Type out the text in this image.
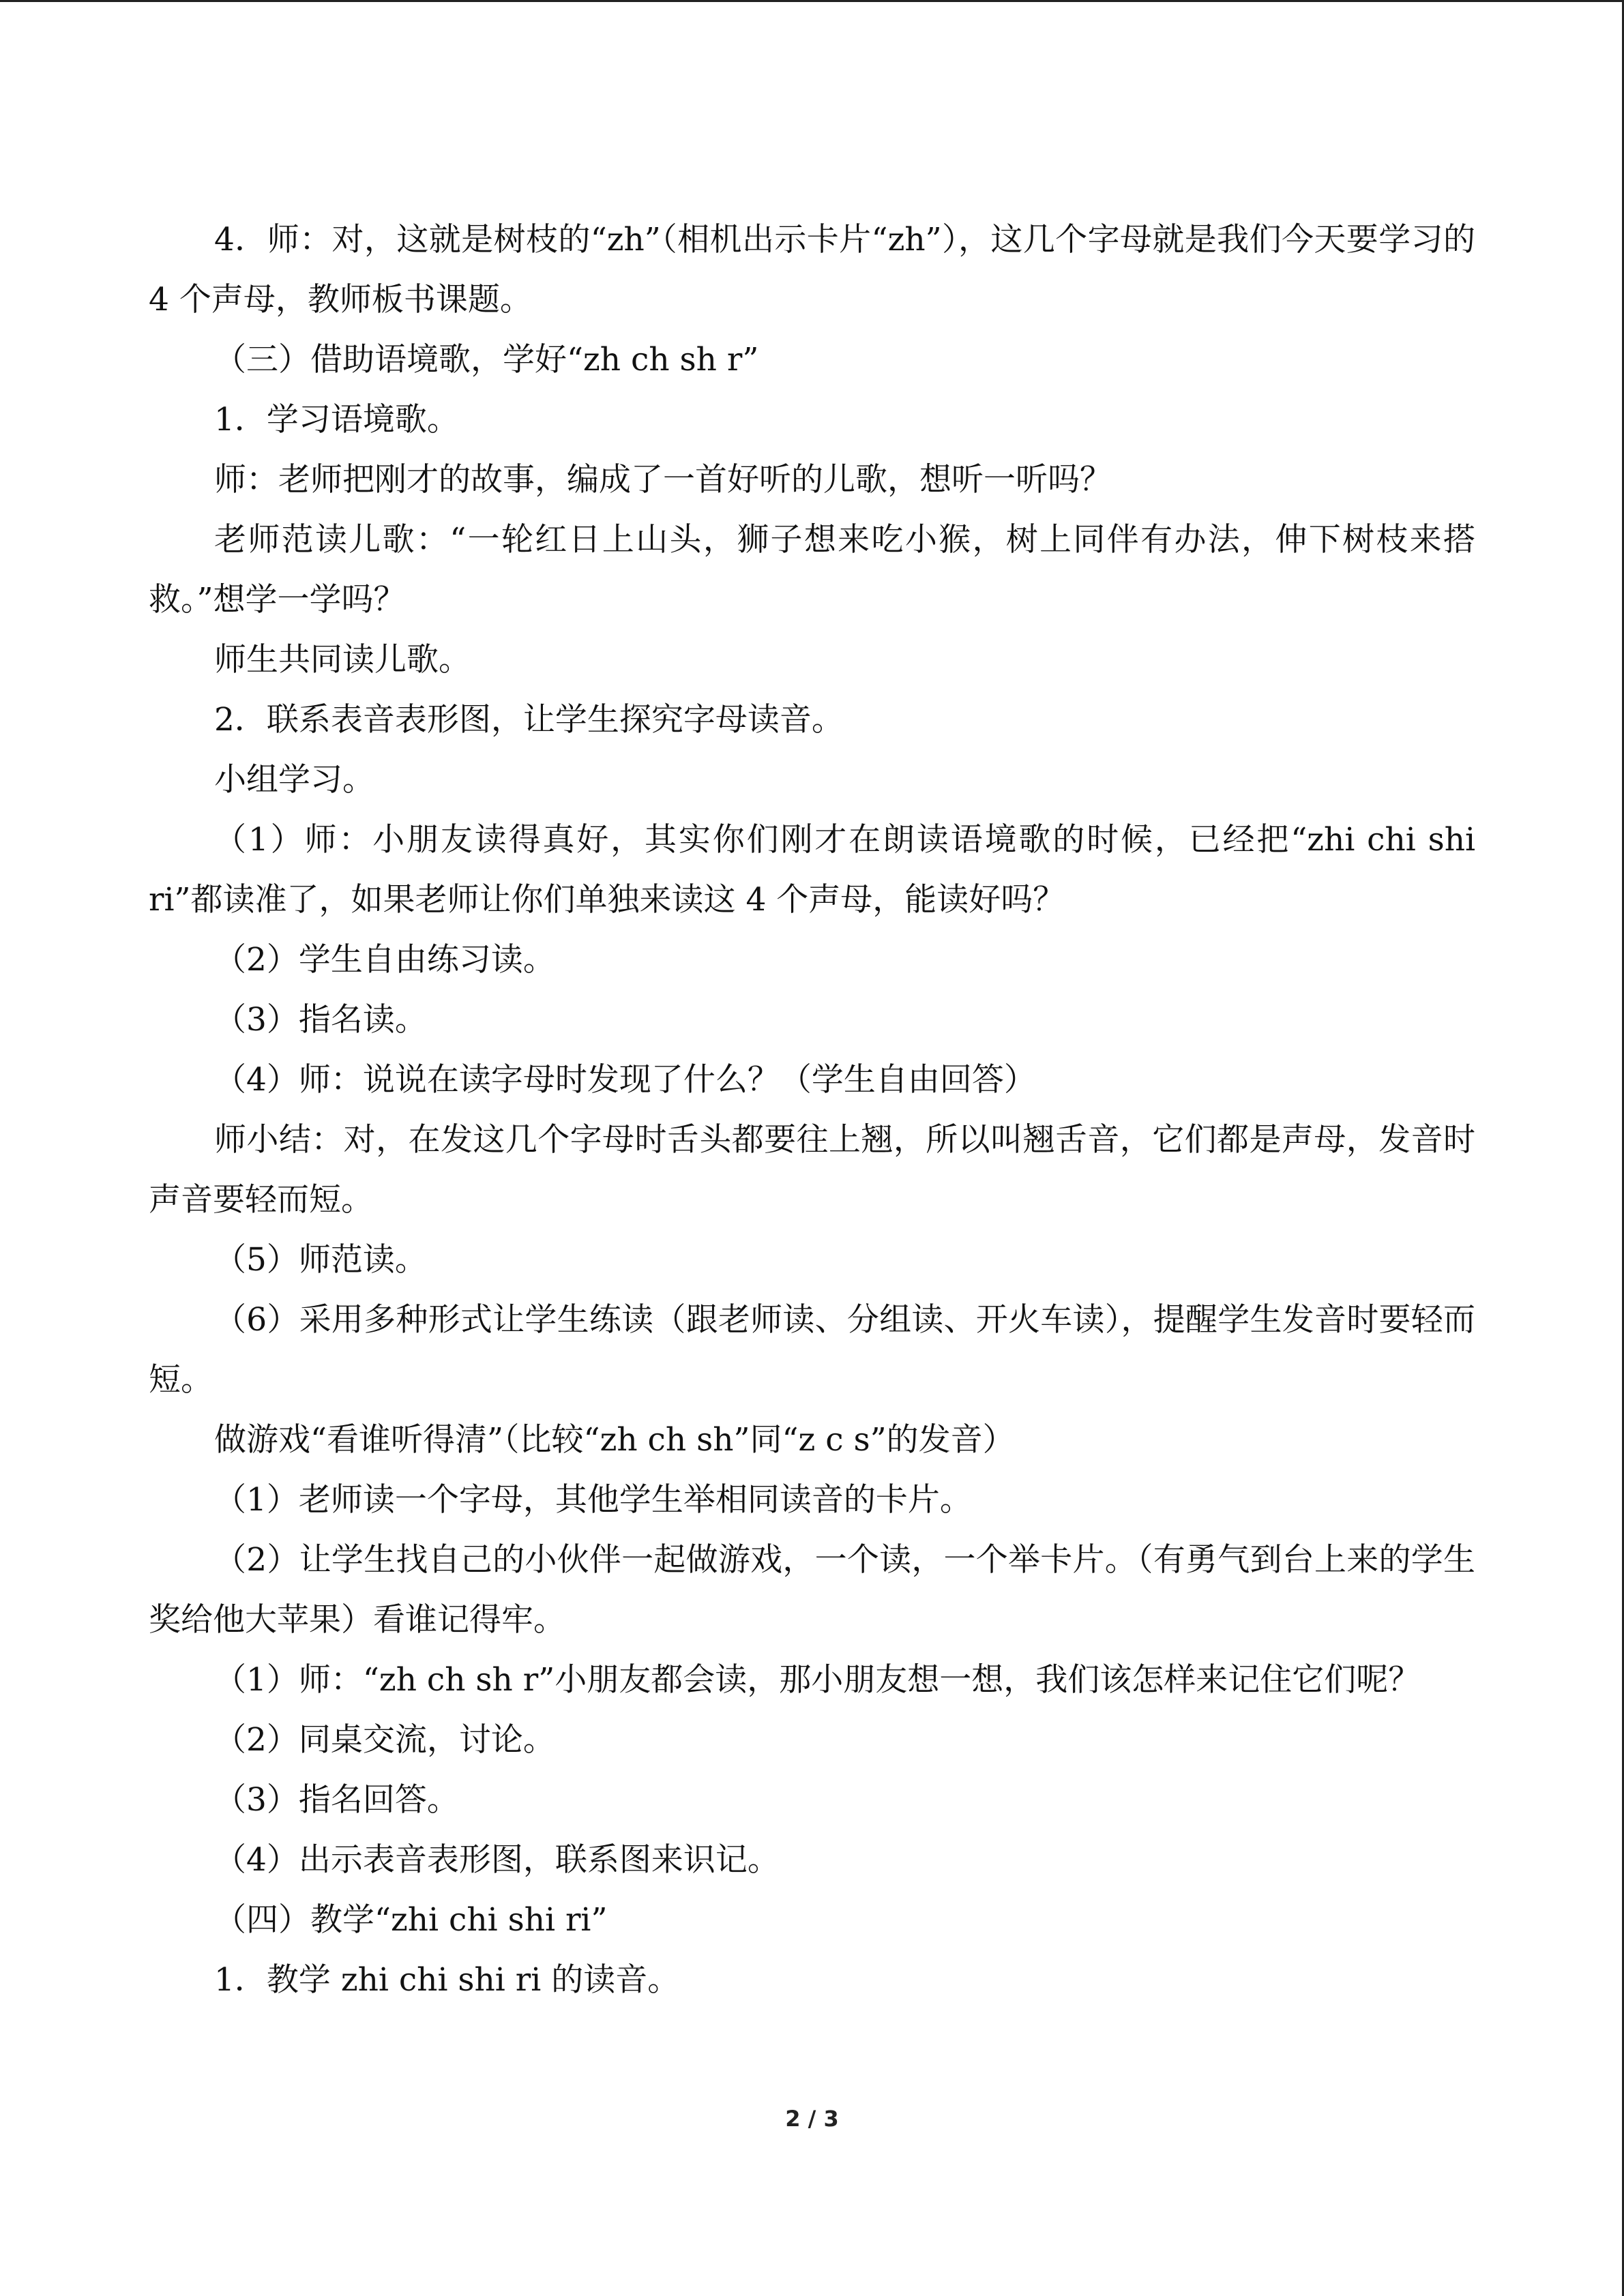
4．师：对，这就是树枝的“zh”（相机出示卡片“zh”），这几个字母就是我们今天要学习的 4 个声母，教师板书课题。

（三）借助语境歌，学好“zh ch sh r”

1．学习语境歌。

师：老师把刚才的故事，编成了一首好听的儿歌，想听一听吗？

老师范读儿歌：“一轮红日上山头，狮子想来吃小猴，树上同伴有办法，伸下树枝来搭救。”想学一学吗？

师生共同读儿歌。

2．联系表音表形图，让学生探究字母读音。

小组学习。

（1）师：小朋友读得真好，其实你们刚才在朗读语境歌的时候，已经把“zhi chi shi ri”都读准了，如果老师让你们单独来读这 4 个声母，能读好吗？

（2）学生自由练习读。

（3）指名读。

（4）师：说说在读字母时发现了什么？（学生自由回答）

师小结：对，在发这几个字母时舌头都要往上翘，所以叫翘舌音，它们都是声母，发音时声音要轻而短。

（5）师范读。

（6）采用多种形式让学生练读（跟老师读、分组读、开火车读），提醒学生发音时要轻而短。

做游戏“看谁听得清”（比较“zh ch sh”同“z c s”的发音）

（1）老师读一个字母，其他学生举相同读音的卡片。

（2）让学生找自己的小伙伴一起做游戏，一个读，一个举卡片。（有勇气到台上来的学生奖给他大苹果）看谁记得牢。

（1）师：“zh ch sh r”小朋友都会读，那小朋友想一想，我们该怎样来记住它们呢？

（2）同桌交流，讨论。

（3）指名回答。

（4）出示表音表形图，联系图来识记。

（四）教学“zhi chi shi ri”

1．教学 zhi chi shi ri 的读音。

2 / 3
